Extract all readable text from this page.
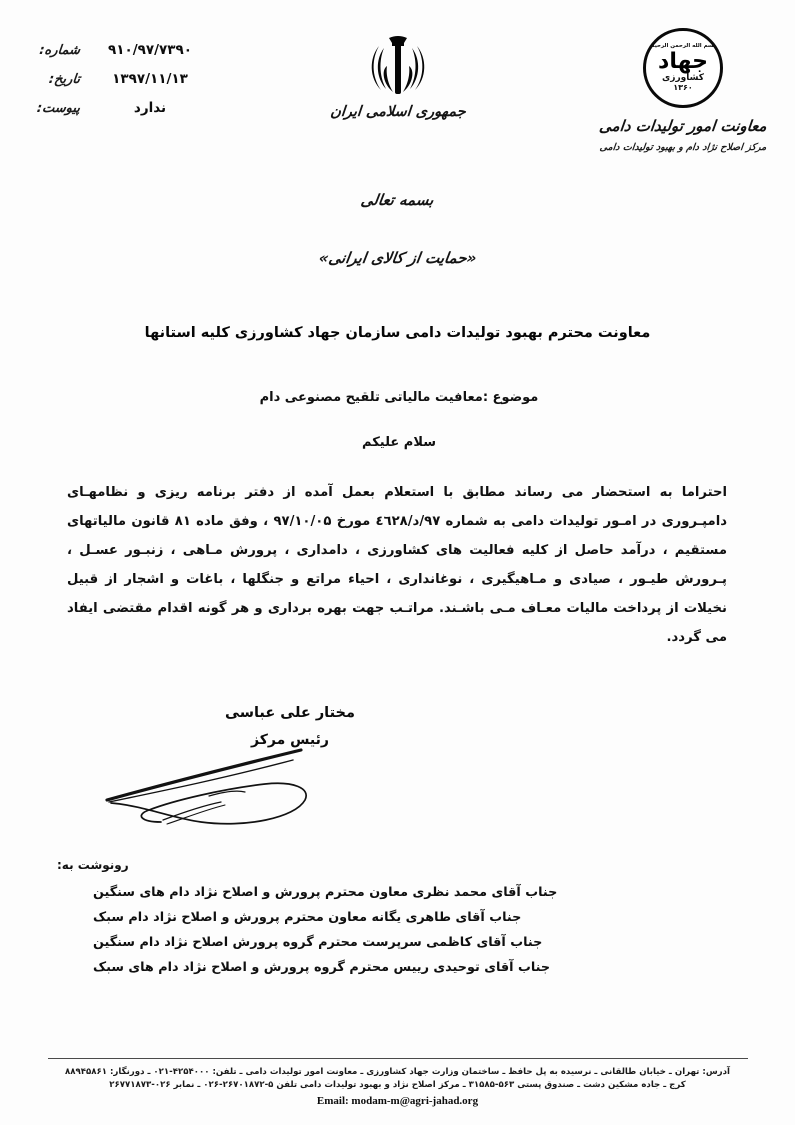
شماره:	۹۱۰/۹۷/۷۳۹۰
تاریخ:	۱۳۹۷/۱۱/۱۳
پیوست:	ندارد	جمهوری اسلامی ایران
بسم الله الرحمن الرحیم
جهاد
کشاورزی
۱۳۶۰
معاونت امور تولیدات دامی
مرکز اصلاح نژاد دام و بهبود تولیدات دامی
بسمه تعالی
«حمایت از کالای ایرانی»
معاونت محترم بهبود تولیدات دامی سازمان جهاد کشاورزی کلیه استانها
موضوع :معافیت مالیاتی تلقیح مصنوعی دام
سلام علیکم
احتراما به استحضار می رساند مطابق با استعلام بعمل آمده از دفتر برنامه ریزی و نظامهـای دامپـروری در امـور تولیدات دامی به شماره ۹۷/د/٤٦٢۸ مورخ ۹۷/۱۰/۰۵ ، وفق ماده ۸۱ قانون مالیاتهای مستقیم ، درآمد حاصل از کلیه فعالیت های کشاورزی ، دامداری ، پرورش مـاهی ، زنبـور عسـل ، پـرورش طیـور ، صیادی و مـاهیگیری ، نوغانداری ، احیاء مراتع و جنگلها ، باغات و اشجار از قبیل نخیلات از پرداخت مالیات معـاف مـی باشـند. مراتـب جهت بهره برداری و هر گونه اقدام مقتضی ایفاد می گردد.
مختار علی عباسی
رئیس مرکز
رونوشت به:
جناب آقای محمد نظری معاون محترم پرورش و اصلاح نژاد دام های سنگین
جناب آقای طاهری یگانه معاون محترم پرورش و اصلاح نژاد دام سبک
جناب آقای کاظمی سرپرست محترم گروه پرورش اصلاح نژاد دام سنگین
جناب آقای توحیدی رییس محترم گروه پرورش و اصلاح نژاد دام های سبک
آدرس: تهران ـ خیابان طالقانی ـ نرسیده به پل حافظ ـ ساختمان وزارت جهاد کشاورزی ـ معاونت امور تولیدات دامی ـ تلفن: ۴۲۵۴۰۰۰-۰۲۱ ـ دورنگار: ۸۸۹۴۵۸۶۱
کرج ـ جاده مشکین دشت ـ صندوق پستی ۵۶۳-۳۱۵۸۵ ـ مرکز اصلاح نژاد و بهبود تولیدات دامی تلفن ۵-۲۶۷۰۱۸۷۲-۰۲۶ ـ نمابر ۰۲۶-۲۶۷۷۱۸۷۳
Email: modam-m@agri-jahad.org
